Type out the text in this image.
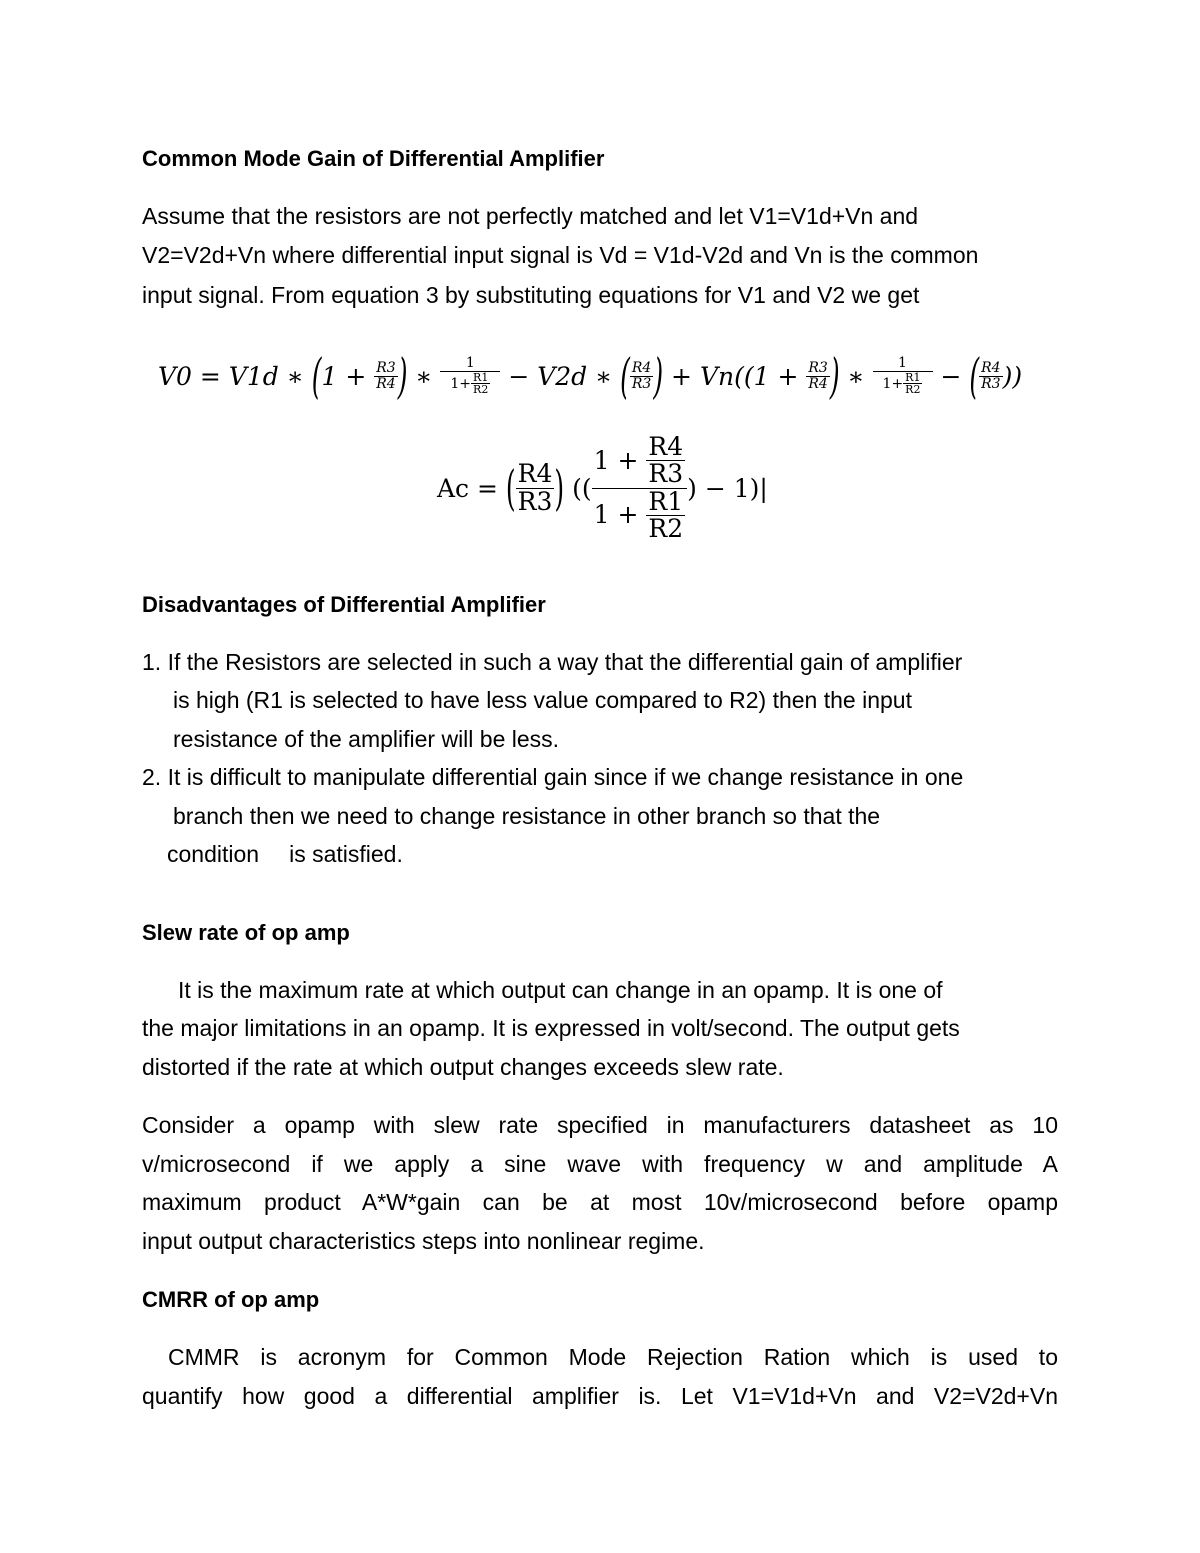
Common Mode Gain of Differential Amplifier
Assume that the resistors are not perfectly matched and let V1=V1d+Vn and
V2=V2d+Vn where differential input signal is Vd = V1d-V2d and Vn is the common
input signal. From equation 3 by substituting equations for V1 and V2 we get
V0
=
V1d
∗
( 1
+
$\frac{R3}{R4}$ )
∗
$\frac{1}{1+ \frac{R1}{R2}}$
−
V2d
∗
( $\frac{R4}{R3}$ )
+
Vn (( 1
+
$\frac{R3}{R4}$ )
∗
$\frac{1}{1+ \frac{R1}{R2}}$
−
( $\frac{R4}{R3}$ ))
Ac =
( $\frac{R4}{R3}$ )
(( 1 +
$\frac{R4}{R3}$
1 +
$\frac{R1}{R2}$ ) − 1) |
Disadvantages of Differential Amplifier
1. If the Resistors are selected in such a way that the differential gain of amplifier
is high (R1 is selected to have less value compared to R2) then the input
resistance of the amplifier will be less.
2. It is difficult to manipulate differential gain since if we change resistance in one
branch then we need to change resistance in other branch so that the
condition is satisfied.
Slew rate of op amp
It is the maximum rate at which output can change in an opamp. It is one of
the major limitations in an opamp. It is expressed in volt/second. The output gets
distorted if the rate at which output changes exceeds slew rate.
Consider a opamp with slew rate specified in manufacturers datasheet as 10
v/microsecond if we apply a sine wave with frequency w and amplitude A
maximum product A*W*gain can be at most 10v/microsecond before opamp
input output characteristics steps into nonlinear regime.
CMRR of op amp
CMMR is acronym for Common Mode Rejection Ration which is used to
quantify how good a differential amplifier is. Let V1=V1d+Vn and V2=V2d+Vn
